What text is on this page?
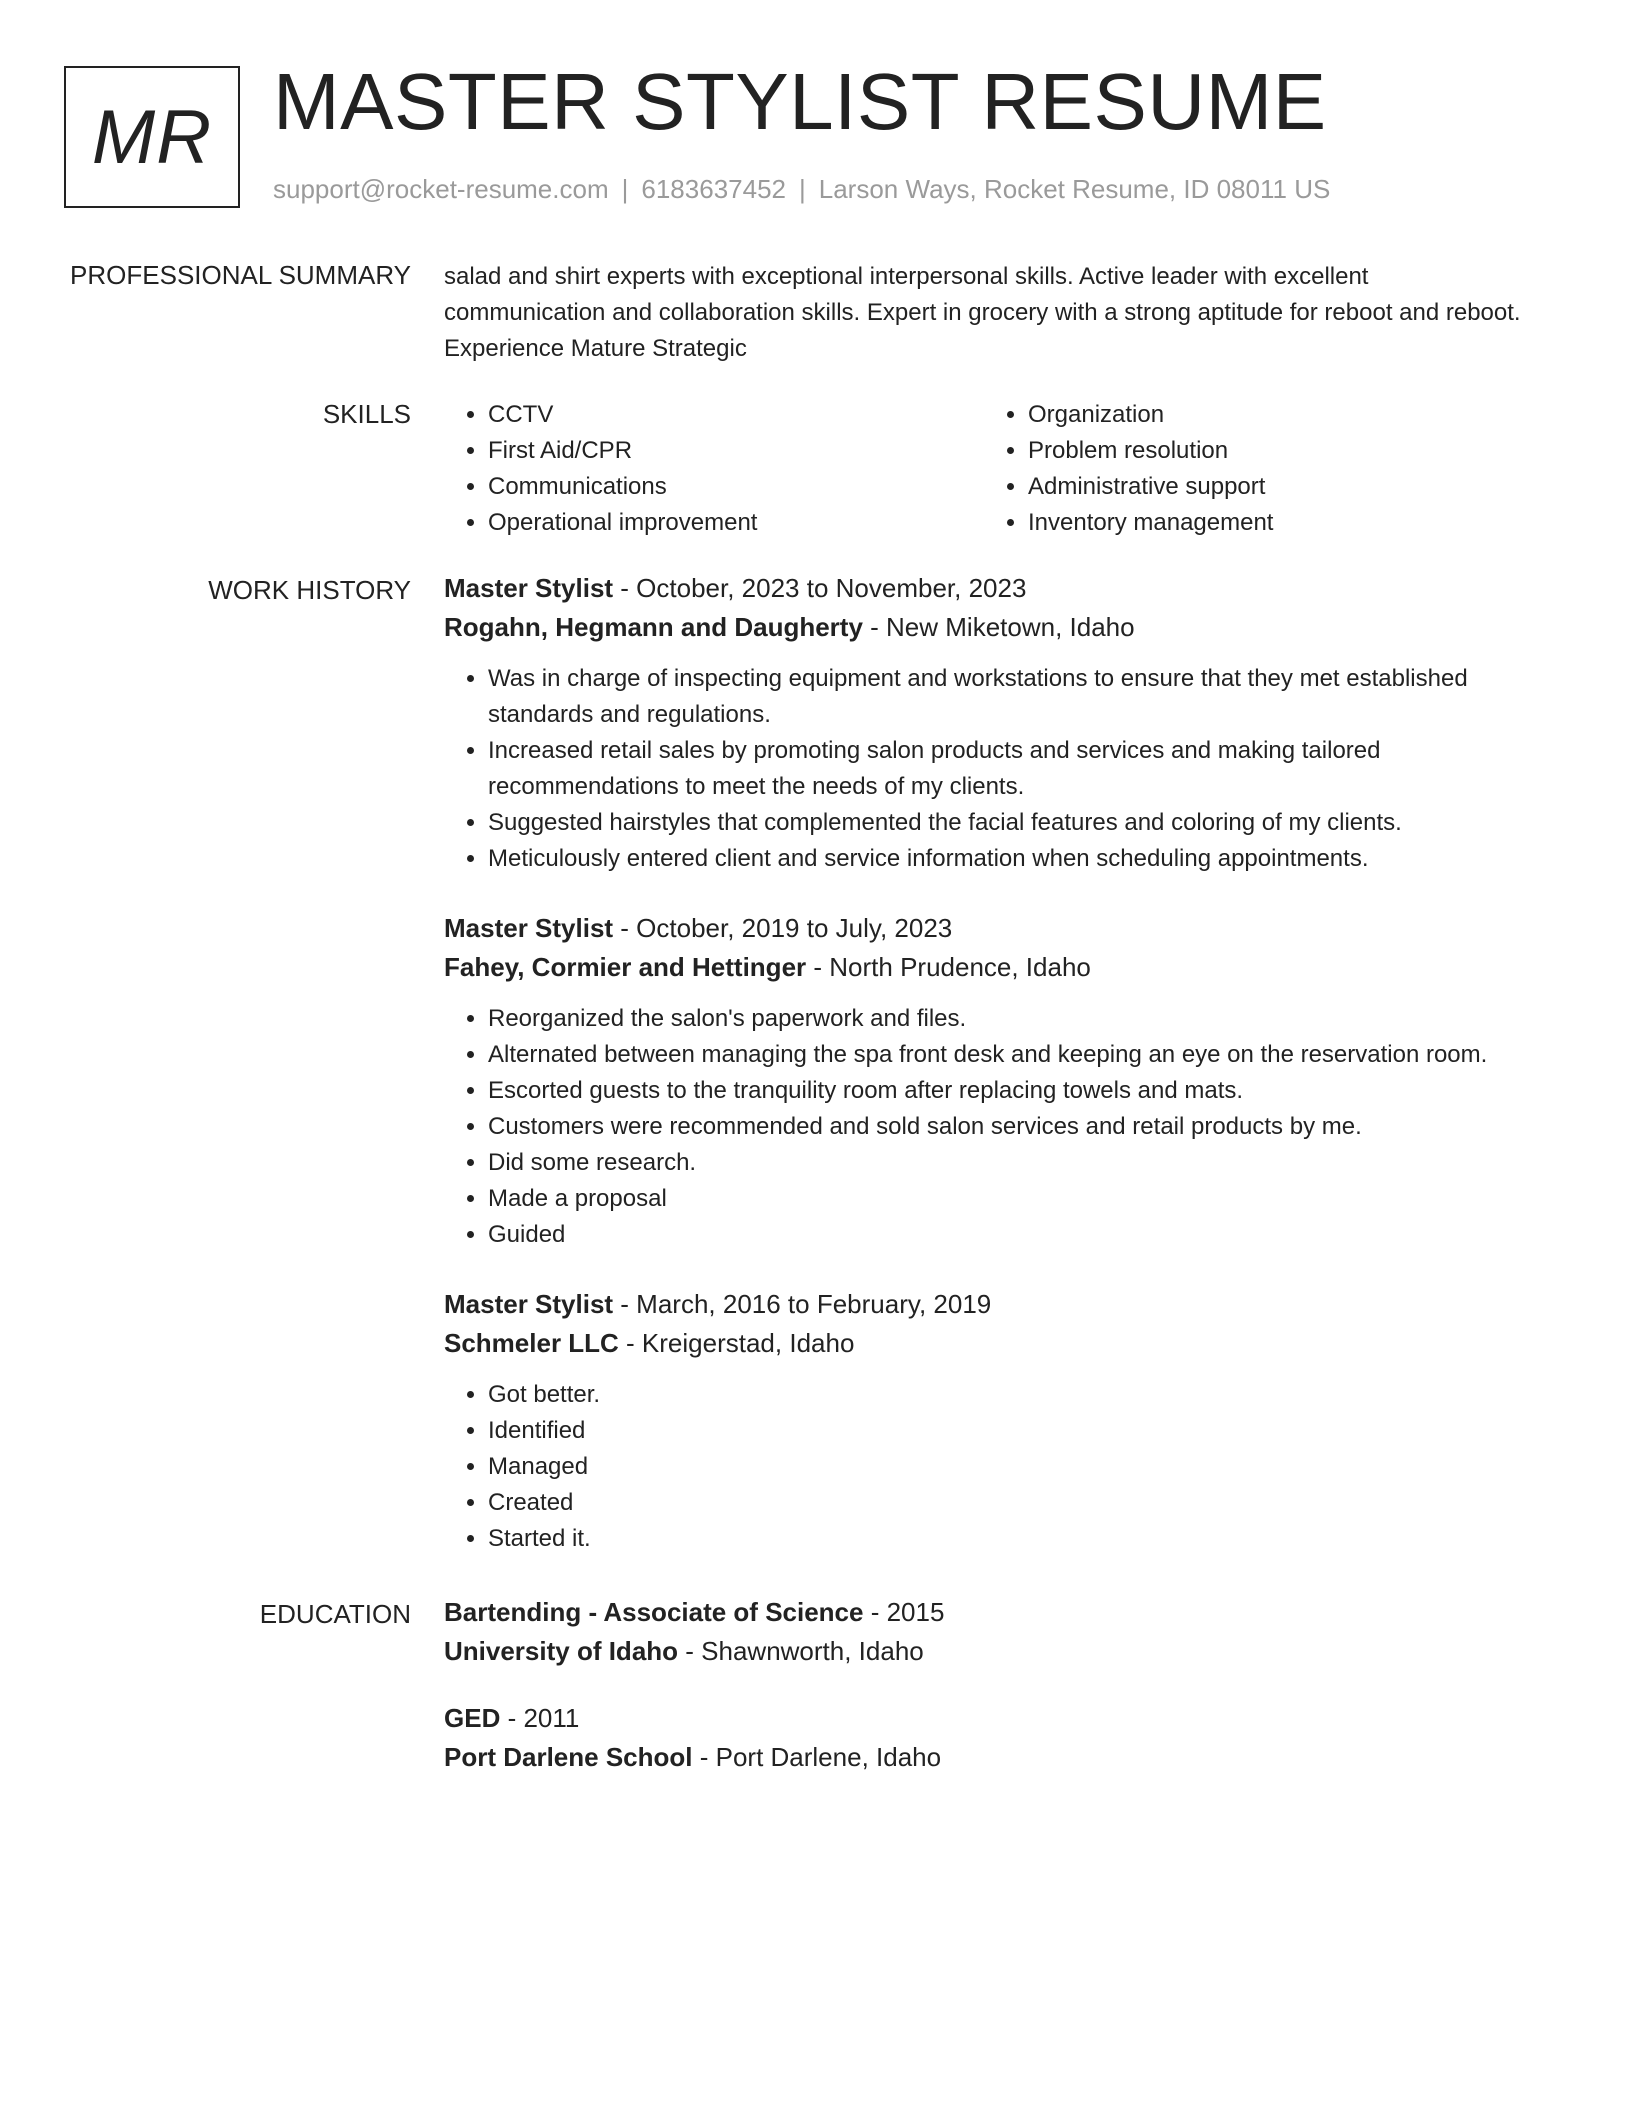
MR MASTER STYLIST RESUME
support@rocket-resume.com | 6183637452 | Larson Ways, Rocket Resume, ID 08011 US
PROFESSIONAL SUMMARY salad and shirt experts with exceptional interpersonal skills. Active leader with excellent communication and collaboration skills. Expert in grocery with a strong aptitude for reboot and reboot. Experience Mature Strategic

SKILLS
•	CCTV
• First Aid/CPR
• Communications
• Operational improvement
• Organization
• Problem resolution
• Administrative support
• Inventory management
WORK HISTORY Master Stylist - October, 2023 to November, 2023
Rogahn, Hegmann and Daugherty - New Miketown, Idaho
• Was in charge of inspecting equipment and workstations to ensure that they met established standards and regulations.
• Increased retail sales by promoting salon products and services and making tailored recommendations to meet the needs of my clients.
• Suggested hairstyles that complemented the facial features and coloring of my clients.
• Meticulously entered client and service information when scheduling appointments.
Master Stylist - October, 2019 to July, 2023
Fahey, Cormier and Hettinger - North Prudence, Idaho
• Reorganized the salon's paperwork and files.
• Alternated between managing the spa front desk and keeping an eye on the reservation room.
• Escorted guests to the tranquility room after replacing towels and mats.
• Customers were recommended and sold salon services and retail products by me.
• Did some research.
• Made a proposal
• Guided
Master Stylist - March, 2016 to February, 2019
Schmeler LLC - Kreigerstad, Idaho
• Got better.
• Identified
• Managed
• Created
• Started it.
EDUCATION Bartending - Associate of Science - 2015
University of Idaho - Shawnworth, Idaho
GED - 2011
Port Darlene School - Port Darlene, Idaho
